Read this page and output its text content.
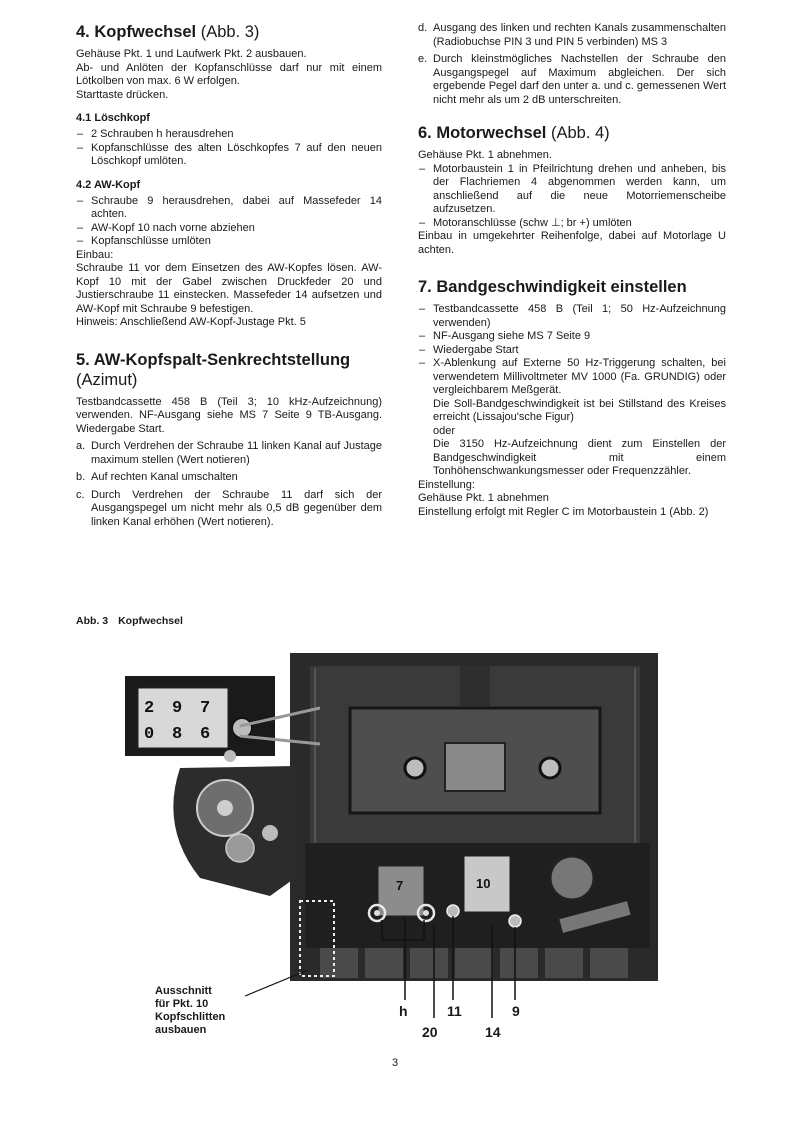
4. Kopfwechsel (Abb. 3)

Gehäuse Pkt. 1 und Laufwerk Pkt. 2 ausbauen.

Ab- und Anlöten der Kopfanschlüsse darf nur mit einem Lötkolben von max. 6 W erfolgen.

Starttaste drücken.

4.1 Löschkopf
– 2 Schrauben h herausdrehen
– Kopfanschlüsse des alten Löschkopfes 7 auf den neuen Löschkopf umlöten.
4.2 AW-Kopf
– Schraube 9 herausdrehen, dabei auf Massefeder 14 achten.
– AW-Kopf 10 nach vorne abziehen
– Kopfanschlüsse umlöten

Einbau:

Schraube 11 vor dem Einsetzen des AW-Kopfes lösen. AW-Kopf 10 mit der Gabel zwischen Druckfeder 20 und Justierschraube 11 einstecken. Massefeder 14 aufsetzen und AW-Kopf mit Schraube 9 befestigen.

Hinweis: Anschließend AW-Kopf-Justage Pkt. 5

5. AW-Kopfspalt-Senkrechtstellung (Azimut)

Testbandcassette 458 B (Teil 3; 10 kHz-Aufzeichnung) verwenden. NF-Ausgang siehe MS 7 Seite 9 TB-Ausgang. Wiedergabe Start.

a. Durch Verdrehen der Schraube 11 linken Kanal auf Justage maximum stellen (Wert notieren)
b. Auf rechten Kanal umschalten
c. Durch Verdrehen der Schraube 11 darf sich der Ausgangspegel um nicht mehr als 0,5 dB gegenüber dem linken Kanal erhöhen (Wert notieren).
d. Ausgang des linken und rechten Kanals zusammenschalten (Radiobuchse PIN 3 und PIN 5 verbinden) MS 3
e. Durch kleinstmögliches Nachstellen der Schraube den Ausgangspegel auf Maximum abgleichen. Der sich ergebende Pegel darf den unter a. und c. gemessenen Wert nicht mehr als um 2 dB unterschreiten.
6. Motorwechsel (Abb. 4)

Gehäuse Pkt. 1 abnehmen.

– Motorbaustein 1 in Pfeilrichtung drehen und anheben, bis der Flachriemen 4 abgenommen werden kann, um anschließend auf die neue Motorriemenscheibe aufzusetzen.
– Motoranschlüsse (schw ⊥; br +) umlöten

Einbau in umgekehrter Reihenfolge, dabei auf Motorlage U achten.

7. Bandgeschwindigkeit einstellen
– Testbandcassette 458 B (Teil 1; 50 Hz-Aufzeichnung verwenden)
– NF-Ausgang siehe MS 7 Seite 9
– Wiedergabe Start
– X-Ablenkung auf Externe 50 Hz-Triggerung schalten, bei verwendetem Millivoltmeter MV 1000 (Fa. GRUNDIG) oder vergleichbarem Meßgerät.

Die Soll-Bandgeschwindigkeit ist bei Stillstand des Kreises erreicht (Lissajou'sche Figur)

oder

Die 3150 Hz-Aufzeichnung dient zum Einstellen der Bandgeschwindigkeit mit einem Tonhöhenschwankungsmesser oder Frequenzzähler.

Einstellung:

Gehäuse Pkt. 1 abnehmen

Einstellung erfolgt mit Regler C im Motorbaustein 1 (Abb. 2)

Abb. 3 Kopfwechsel
7	10
2
0
9
8
7
6
Ausschnitt
für Pkt. 10
Kopfschlitten
ausbauen
h	11	9
20	14
3
